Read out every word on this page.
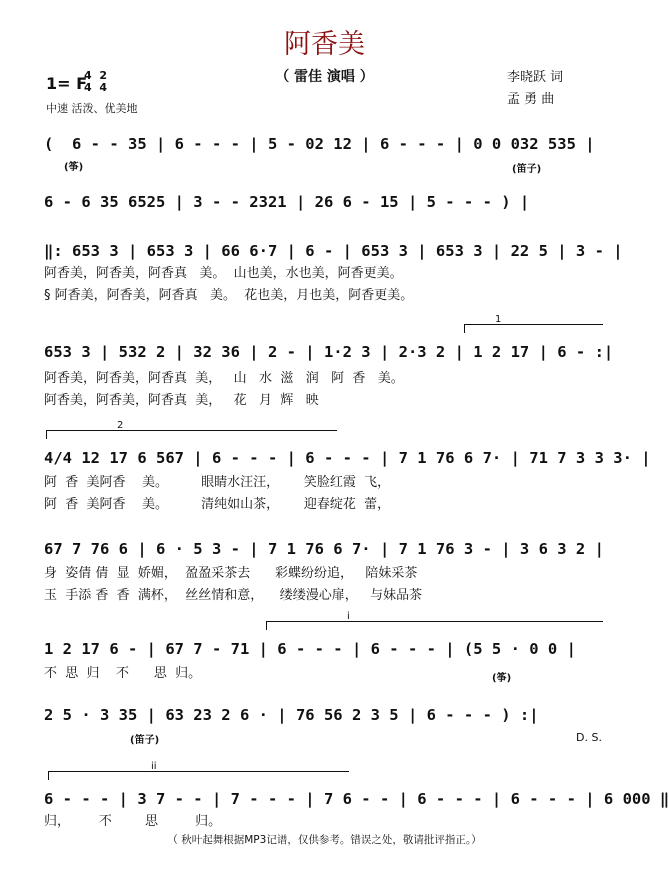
阿香美
（ 雷佳 演唱 ）	李晓跃 词
孟 勇 曲
1= F
4  2
4  4
中速 活泼、优美地
(  6 - - 35 | 6 - - - | 5 - 02 12 | 6 - - - | 0 0 032 535 |
(筝)	(笛子)
6 - 6 35 6525 | 3 - - 2321 | 26 6 - 15 | 5 - - - ) |
‖: 653 3 | 653 3 | 66 6·7 | 6 - | 653 3 | 653 3 | 22 5 | 3 - |
阿香美，阿香美，阿香真   美。  山也美，水也美，阿香更美。
§ 阿香美，阿香美，阿香真   美。  花也美，月也美，阿香更美。
1
653 3 | 532 2 | 32 36 | 2 - | 1·2 3 | 2·3 2 | 1 2 17 | 6 - :|
阿香美，阿香美，阿香真  美，   山   水  滋   润   阿  香   美。
阿香美，阿香美，阿香真  美，   花   月  辉   映
2
4/4 12 17 6 567 | 6 - - - | 6 - - - | 7 1 76 6 7· | 71 7 3 3 3· |
阿  香  美阿香    美。        眼睛水汪汪，      笑脸红霞  飞，
阿  香  美阿香    美。        清纯如山茶，      迎春绽花  蕾，
67 7 76 6 | 6 · 5 3 - | 7 1 76 6 7· | 7 1 76 3 - | 3 6 3 2 |
身  姿倩 倩  显  娇媚，  盈盈采茶去      彩蝶纷纷追，   陪妹采茶
玉  手添 香  香  满杯，  丝丝情和意，    缕缕漫心扉，   与妹品茶
i
1 2 17 6 - | 67 7 - 71 | 6 - - - | 6 - - - | (5 5 · 0 0 |
不  思  归    不      思  归。	(筝)
2 5 · 3 35 | 63 23 2 6 · | 76 56 2 3 5 | 6 - - - ) :|
(笛子)	D. S.
ii
6 - - - | 3 7 - - | 7 - - - | 7 6 - - | 6 - - - | 6 - - - | 6 000 ‖
归，       不        思         归。
（ 秋叶起舞根据MP3记谱，仅供参考。错误之处，敬请批评指正。）
